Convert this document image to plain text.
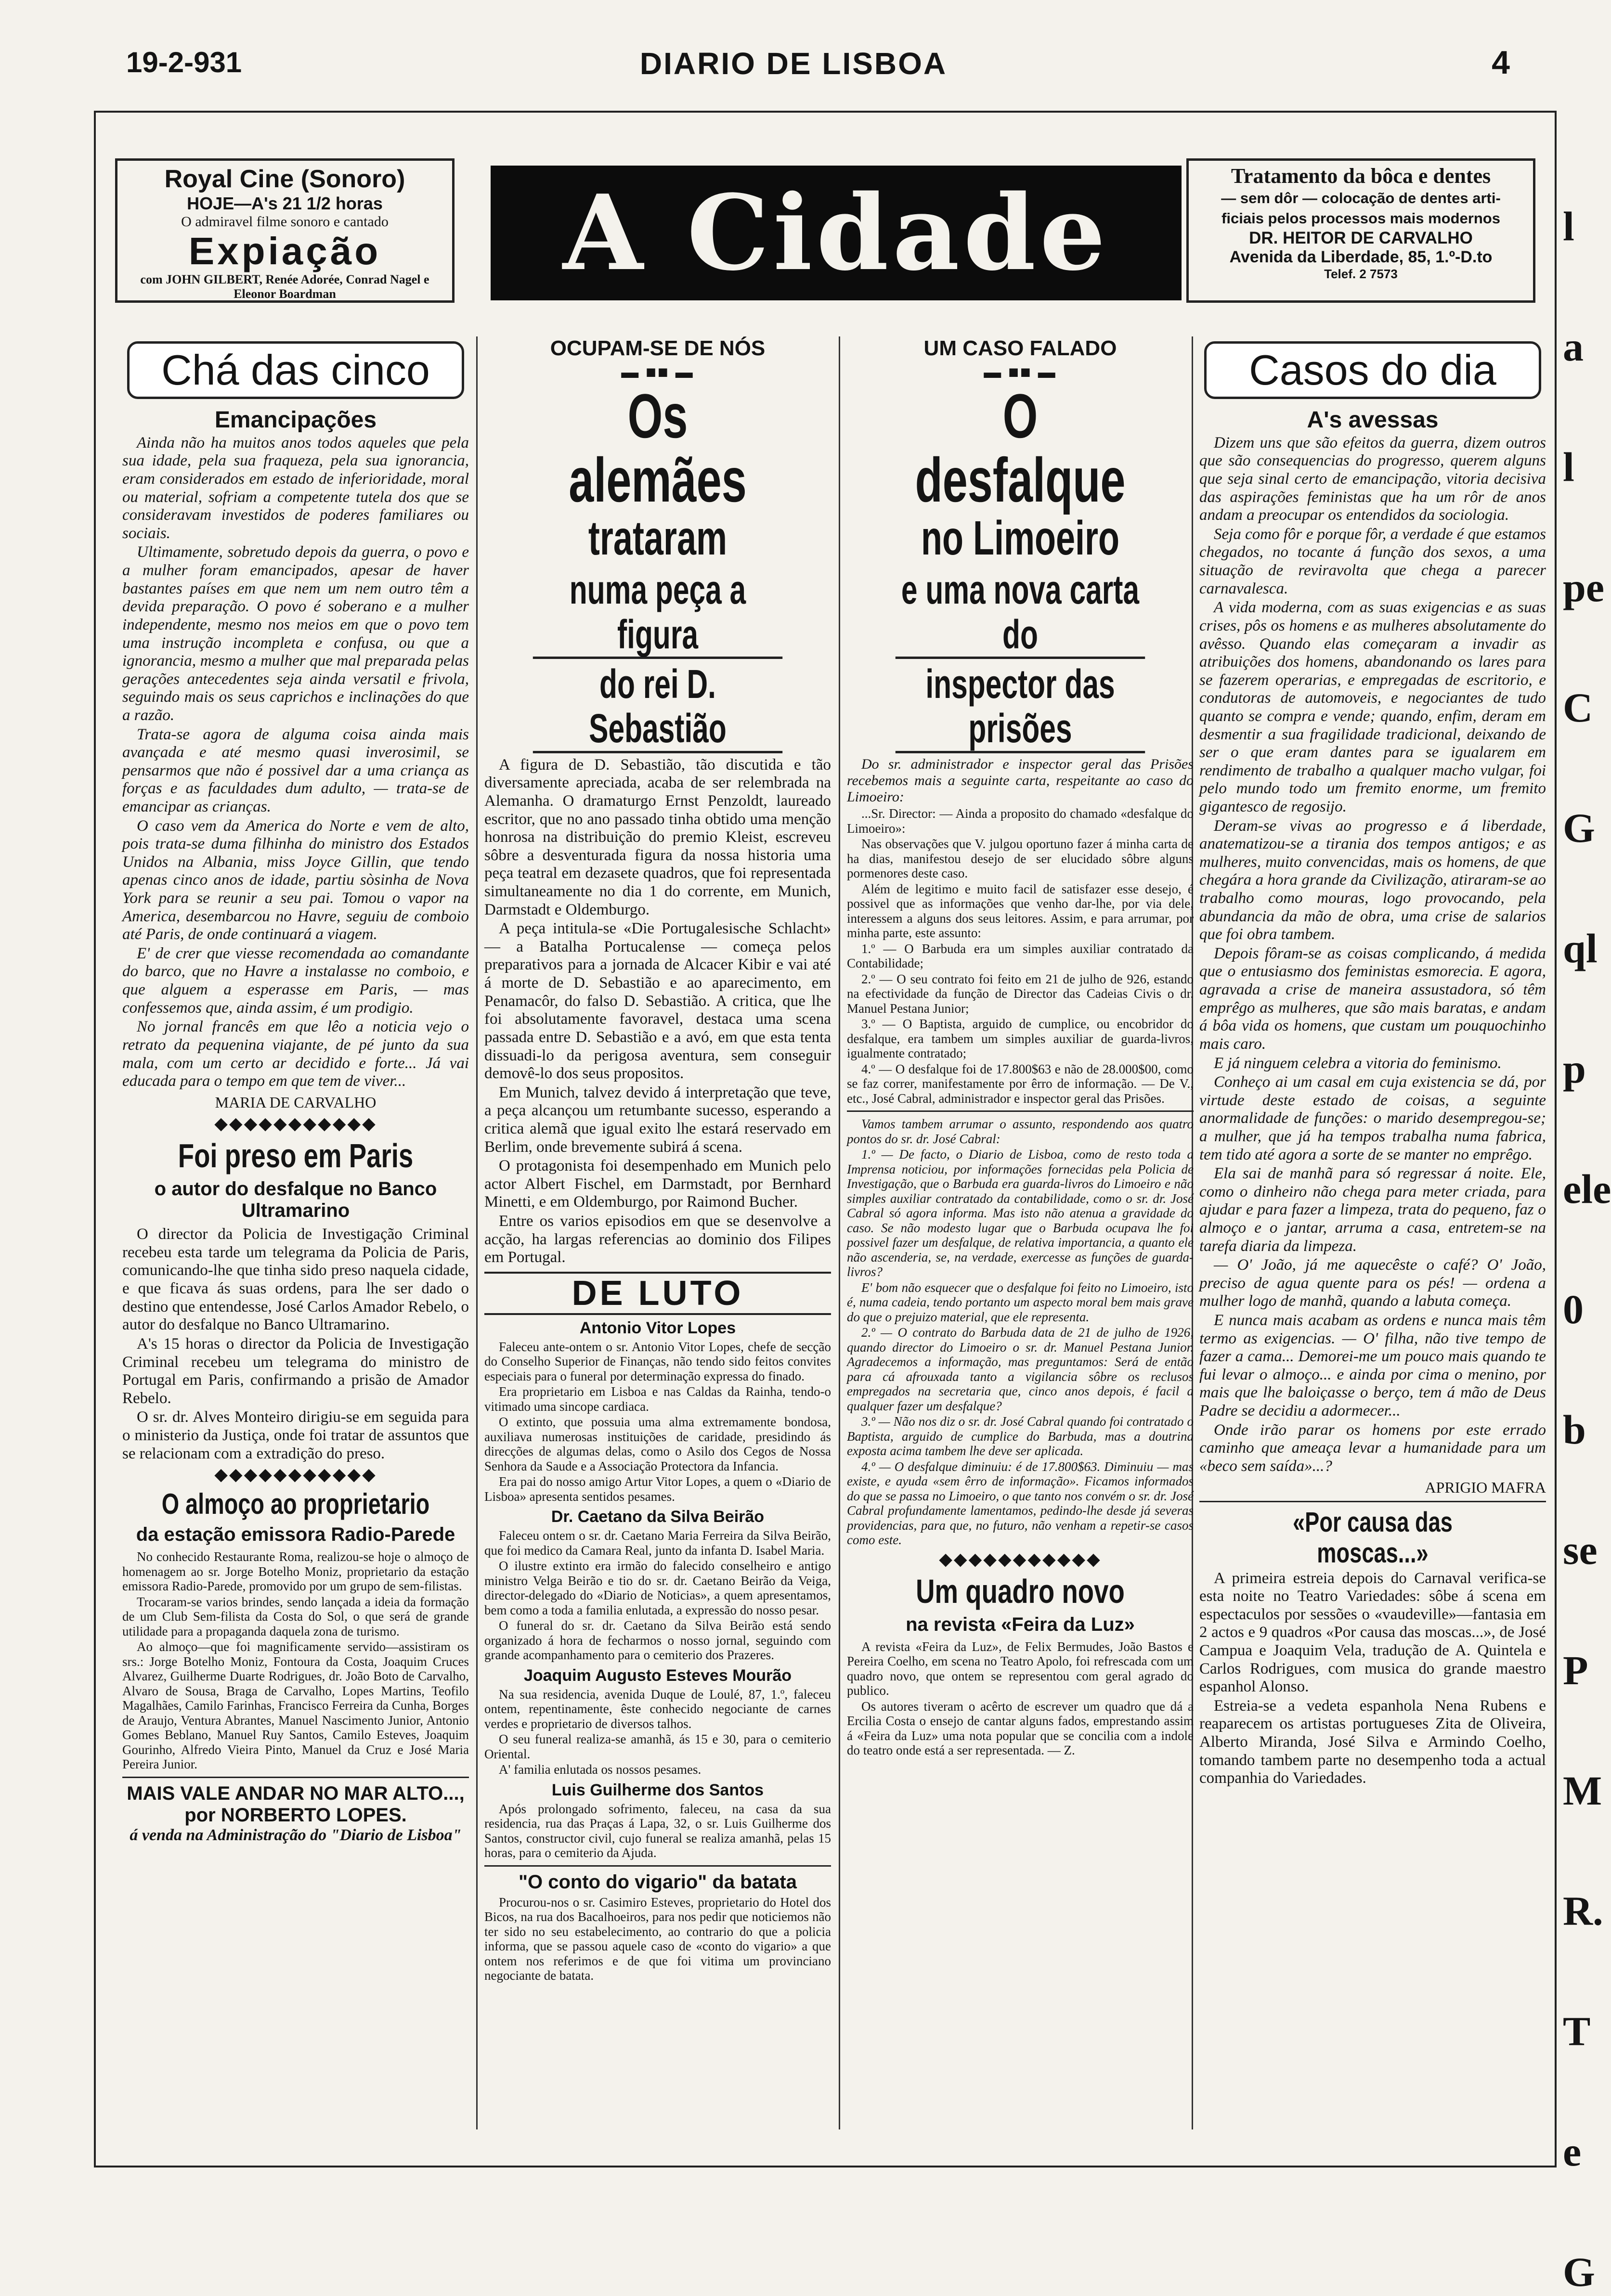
19-2-931	DIARIO DE LISBOA	4
Royal Cine (Sonoro)
HOJE—A's 21 1/2 horas
O admiravel filme sonoro e cantado
Expiação
com JOHN GILBERT, Renée Adorée, Conrad Nagel e Eleonor Boardman
A Cidade	Tratamento da bôca e dentes
— sem dôr — colocação de dentes arti-
ficiais pelos processos mais modernos
DR. HEITOR DE CARVALHO
Avenida da Liberdade, 85, 1.º-D.to
Telef. 2 7573
Chá das cinco
Emancipações

Ainda não ha muitos anos todos aqueles que pela sua idade, pela sua fraqueza, pela sua ignorancia, eram considerados em estado de inferioridade, moral ou material, sofriam a competente tutela dos que se consideravam investidos de poderes familiares ou sociais.

Ultimamente, sobretudo depois da guerra, o povo e a mulher foram emancipados, apesar de haver bastantes países em que nem um nem outro têm a devida preparação. O povo é soberano e a mulher independente, mesmo nos meios em que o povo tem uma instrução incompleta e confusa, ou que a ignorancia, mesmo a mulher que mal preparada pelas gerações antecedentes seja ainda versatil e frivola, seguindo mais os seus caprichos e inclinações do que a razão.

Trata-se agora de alguma coisa ainda mais avançada e até mesmo quasi inverosimil, se pensarmos que não é possivel dar a uma criança as forças e as faculdades dum adulto, — trata-se de emancipar as crianças.

O caso vem da America do Norte e vem de alto, pois trata-se duma filhinha do ministro dos Estados Unidos na Albania, miss Joyce Gillin, que tendo apenas cinco anos de idade, partiu sòsinha de Nova York para se reunir a seu pai. Tomou o vapor na America, desembarcou no Havre, seguiu de comboio até Paris, de onde continuará a viagem.

E' de crer que viesse recomendada ao comandante do barco, que no Havre a instalasse no comboio, e que alguem a esperasse em Paris, — mas confessemos que, ainda assim, é um prodigio.

No jornal francês em que lêo a noticia vejo o retrato da pequenina viajante, de pé junto da sua mala, com um certo ar decidido e forte... Já vai educada para o tempo em que tem de viver...

MARIA DE CARVALHO
◆◆◆◆◆◆◆◆◆◆◆
Foi preso em Paris
o autor do desfalque no Banco Ultramarino

O director da Policia de Investigação Criminal recebeu esta tarde um telegrama da Policia de Paris, comunicando-lhe que tinha sido preso naquela cidade, e que ficava ás suas ordens, para lhe ser dado o destino que entendesse, José Carlos Amador Rebelo, o autor do desfalque no Banco Ultramarino.

A's 15 horas o director da Policia de Investigação Criminal recebeu um telegrama do ministro de Portugal em Paris, confirmando a prisão de Amador Rebelo.

O sr. dr. Alves Monteiro dirigiu-se em seguida para o ministerio da Justiça, onde foi tratar de assuntos que se relacionam com a extradição do preso.

◆◆◆◆◆◆◆◆◆◆◆
O almoço ao proprietario
da estação emissora Radio-Parede

No conhecido Restaurante Roma, realizou-se hoje o almoço de homenagem ao sr. Jorge Botelho Moniz, proprietario da estação emissora Radio-Parede, promovido por um grupo de sem-filistas.

Trocaram-se varios brindes, sendo lançada a ideia da formação de um Club Sem-filista da Costa do Sol, o que será de grande utilidade para a propaganda daquela zona de turismo.

Ao almoço—que foi magnificamente servido—assistiram os srs.: Jorge Botelho Moniz, Fontoura da Costa, Joaquim Cruces Alvarez, Guilherme Duarte Rodrigues, dr. João Boto de Carvalho, Alvaro de Sousa, Braga de Carvalho, Lopes Martins, Teofilo Magalhães, Camilo Farinhas, Francisco Ferreira da Cunha, Borges de Araujo, Ventura Abrantes, Manuel Nascimento Junior, Antonio Gomes Beblano, Manuel Ruy Santos, Camilo Esteves, Joaquim Gourinho, Alfredo Vieira Pinto, Manuel da Cruz e José Maria Pereira Junior.

MAIS VALE ANDAR NO MAR ALTO..., por NORBERTO LOPES.
á venda na Administração do "Diario de Lisboa"
OCUPAM-SE DE NÓS
▬ ■■ ▬
Os alemães
trataram
numa peça a figura
do rei D. Sebastião

A figura de D. Sebastião, tão discutida e tão diversamente apreciada, acaba de ser relembrada na Alemanha. O dramaturgo Ernst Penzoldt, laureado escritor, que no ano passado tinha obtido uma menção honrosa na distribuição do premio Kleist, escreveu sôbre a desventurada figura da nossa historia uma peça teatral em dezasete quadros, que foi representada simultaneamente no dia 1 do corrente, em Munich, Darmstadt e Oldemburgo.

A peça intitula-se «Die Portugalesische Schlacht» — a Batalha Portucalense — começa pelos preparativos para a jornada de Alcacer Kibir e vai até á morte de D. Sebastião e ao aparecimento, em Penamacôr, do falso D. Sebastião. A critica, que lhe foi absolutamente favoravel, destaca uma scena passada entre D. Sebastião e a avó, em que esta tenta dissuadi-lo da perigosa aventura, sem conseguir demovê-lo dos seus propositos.

Em Munich, talvez devido á interpretação que teve, a peça alcançou um retumbante sucesso, esperando a critica alemã que igual exito lhe estará reservado em Berlim, onde brevemente subirá á scena.

O protagonista foi desempenhado em Munich pelo actor Albert Fischel, em Darmstadt, por Bernhard Minetti, e em Oldemburgo, por Raimond Bucher.

Entre os varios episodios em que se desenvolve a acção, ha largas referencias ao dominio dos Filipes em Portugal.

DE LUTO
Antonio Vitor Lopes

Faleceu ante-ontem o sr. Antonio Vitor Lopes, chefe de secção do Conselho Superior de Finanças, não tendo sido feitos convites especiais para o funeral por determinação expressa do finado.

Era proprietario em Lisboa e nas Caldas da Rainha, tendo-o vitimado uma sincope cardiaca.

O extinto, que possuia uma alma extremamente bondosa, auxiliava numerosas instituições de caridade, presidindo ás direcções de algumas delas, como o Asilo dos Cegos de Nossa Senhora da Saude e a Associação Protectora da Infancia.

Era pai do nosso amigo Artur Vitor Lopes, a quem o «Diario de Lisboa» apresenta sentidos pesames.

Dr. Caetano da Silva Beirão

Faleceu ontem o sr. dr. Caetano Maria Ferreira da Silva Beirão, que foi medico da Camara Real, junto da infanta D. Isabel Maria.

O ilustre extinto era irmão do falecido conselheiro e antigo ministro Velga Beirão e tio do sr. dr. Caetano Beirão da Veiga, director-delegado do «Diario de Noticias», a quem apresentamos, bem como a toda a familia enlutada, a expressão do nosso pesar.

O funeral do sr. dr. Caetano da Silva Beirão está sendo organizado á hora de fecharmos o nosso jornal, seguindo com grande acompanhamento para o cemiterio dos Prazeres.

Joaquim Augusto Esteves Mourão

Na sua residencia, avenida Duque de Loulé, 87, 1.º, faleceu ontem, repentinamente, êste conhecido negociante de carnes verdes e proprietario de diversos talhos.

O seu funeral realiza-se amanhã, ás 15 e 30, para o cemiterio Oriental.

A' familia enlutada os nossos pesames.

Luis Guilherme dos Santos

Após prolongado sofrimento, faleceu, na casa da sua residencia, rua das Praças á Lapa, 32, o sr. Luis Guilherme dos Santos, constructor civil, cujo funeral se realiza amanhã, pelas 15 horas, para o cemiterio da Ajuda.

"O conto do vigario" da batata

Procurou-nos o sr. Casimiro Esteves, proprietario do Hotel dos Bicos, na rua dos Bacalhoeiros, para nos pedir que noticiemos não ter sido no seu estabelecimento, ao contrario do que a policia informa, que se passou aquele caso de «conto do vigario» a que ontem nos referimos e de que foi vitima um provinciano negociante de batata.

UM CASO FALADO
▬ ■■ ▬
O desfalque
no Limoeiro
e uma nova carta do
inspector das prisões

Do sr. administrador e inspector geral das Prisões recebemos mais a seguinte carta, respeitante ao caso do Limoeiro:

...Sr. Director: — Ainda a proposito do chamado «desfalque do Limoeiro»:

Nas observações que V. julgou oportuno fazer á minha carta de ha dias, manifestou desejo de ser elucidado sôbre alguns pormenores deste caso.

Além de legitimo e muito facil de satisfazer esse desejo, é possivel que as informações que venho dar-lhe, por via dele, interessem a alguns dos seus leitores. Assim, e para arrumar, por minha parte, este assunto:

1.º — O Barbuda era um simples auxiliar contratado da Contabilidade;

2.º — O seu contrato foi feito em 21 de julho de 926, estando na efectividade da função de Director das Cadeias Civis o dr. Manuel Pestana Junior;

3.º — O Baptista, arguido de cumplice, ou encobridor do desfalque, era tambem um simples auxiliar de guarda-livros, igualmente contratado;

4.º — O desfalque foi de 17.800$63 e não de 28.000$00, como se faz correr, manifestamente por êrro de informação. — De V., etc., José Cabral, administrador e inspector geral das Prisões.

Vamos tambem arrumar o assunto, respondendo aos quatro pontos do sr. dr. José Cabral:

1.º — De facto, o Diario de Lisboa, como de resto toda a Imprensa noticiou, por informações fornecidas pela Policia de Investigação, que o Barbuda era guarda-livros do Limoeiro e não simples auxiliar contratado da contabilidade, como o sr. dr. José Cabral só agora informa. Mas isto não atenua a gravidade do caso. Se não modesto lugar que o Barbuda ocupava lhe foi possivel fazer um desfalque, de relativa importancia, a quanto ele não ascenderia, se, na verdade, exercesse as funções de guarda-livros?

E' bom não esquecer que o desfalque foi feito no Limoeiro, isto é, numa cadeia, tendo portanto um aspecto moral bem mais grave do que o prejuizo material, que ele representa.

2.º — O contrato do Barbuda data de 21 de julho de 1926, quando director do Limoeiro o sr. dr. Manuel Pestana Junior. Agradecemos a informação, mas preguntamos: Será de então para cá afrouxada tanto a vigilancia sôbre os reclusos empregados na secretaria que, cinco anos depois, é facil a qualquer fazer um desfalque?

3.º — Não nos diz o sr. dr. José Cabral quando foi contratado o Baptista, arguido de cumplice do Barbuda, mas a doutrina exposta acima tambem lhe deve ser aplicada.

4.º — O desfalque diminuiu: é de 17.800$63. Diminuiu — mas existe, e ayuda «sem êrro de informação». Ficamos informados do que se passa no Limoeiro, o que tanto nos convém o sr. dr. José Cabral profundamente lamentamos, pedindo-lhe desde já severas providencias, para que, no futuro, não venham a repetir-se casos como este.

◆◆◆◆◆◆◆◆◆◆◆
Um quadro novo
na revista «Feira da Luz»

A revista «Feira da Luz», de Felix Bermudes, João Bastos e Pereira Coelho, em scena no Teatro Apolo, foi refrescada com um quadro novo, que ontem se representou com geral agrado do publico.

Os autores tiveram o acêrto de escrever um quadro que dá a Ercilia Costa o ensejo de cantar alguns fados, emprestando assim á «Feira da Luz» uma nota popular que se concilia com a indole do teatro onde está a ser representada. — Z.

Casos do dia
A's avessas

Dizem uns que são efeitos da guerra, dizem outros que são consequencias do progresso, querem alguns que seja sinal certo de emancipação, vitoria decisiva das aspirações feministas que ha um rôr de anos andam a preocupar os entendidos da sociologia.

Seja como fôr e porque fôr, a verdade é que estamos chegados, no tocante á função dos sexos, a uma situação de reviravolta que chega a parecer carnavalesca.

A vida moderna, com as suas exigencias e as suas crises, pôs os homens e as mulheres absolutamente do avêsso. Quando elas começaram a invadir as atribuições dos homens, abandonando os lares para se fazerem operarias, e empregadas de escritorio, e condutoras de automoveis, e negociantes de tudo quanto se compra e vende; quando, enfim, deram em desmentir a sua fragilidade tradicional, deixando de ser o que eram dantes para se igualarem em rendimento de trabalho a qualquer macho vulgar, foi pelo mundo todo um fremito enorme, um fremito gigantesco de regosijo.

Deram-se vivas ao progresso e á liberdade, anatematizou-se a tirania dos tempos antigos; e as mulheres, muito convencidas, mais os homens, de que chegára a hora grande da Civilização, atiraram-se ao trabalho como mouras, logo provocando, pela abundancia da mão de obra, uma crise de salarios que foi obra tambem.

Depois fôram-se as coisas complicando, á medida que o entusiasmo dos feministas esmorecia. E agora, agravada a crise de maneira assustadora, só têm emprêgo as mulheres, que são mais baratas, e andam á bôa vida os homens, que custam um pouquochinho mais caro.

E já ninguem celebra a vitoria do feminismo.

Conheço ai um casal em cuja existencia se dá, por virtude deste estado de coisas, a seguinte anormalidade de funções: o marido desempregou-se; a mulher, que já ha tempos trabalha numa fabrica, tem tido até agora a sorte de se manter no emprêgo.

Ela sai de manhã para só regressar á noite. Ele, como o dinheiro não chega para meter criada, para ajudar e para fazer a limpeza, trata do pequeno, faz o almoço e o jantar, arruma a casa, entretem-se na tarefa diaria da limpeza.

— O' João, já me aquecêste o café? O' João, preciso de agua quente para os pés! — ordena a mulher logo de manhã, quando a labuta começa.

E nunca mais acabam as ordens e nunca mais têm termo as exigencias. — O' filha, não tive tempo de fazer a cama... Demorei-me um pouco mais quando te fui levar o almoço... e ainda por cima o menino, por mais que lhe baloiçasse o berço, tem á mão de Deus Padre se decidiu a adormecer...

Onde irão parar os homens por este errado caminho que ameaça levar a humanidade para um «beco sem saída»...?

APRIGIO MAFRA
«Por causa das moscas...»

A primeira estreia depois do Carnaval verifica-se esta noite no Teatro Variedades: sôbe á scena em espectaculos por sessões o «vaudeville»—fantasia em 2 actos e 9 quadros «Por causa das moscas...», de José Campua e Joaquim Vela, tradução de A. Quintela e Carlos Rodrigues, com musica do grande maestro espanhol Alonso.

Estreia-se a vedeta espanhola Nena Rubens e reaparecem os artistas portugueses Zita de Oliveira, Alberto Miranda, José Silva e Armindo Coelho, tomando tambem parte no desempenho toda a actual companhia do Variedades.

l
a
l
pe
C
G
ql
p
ele
0
b
se
P
M
R.
T
e
G
